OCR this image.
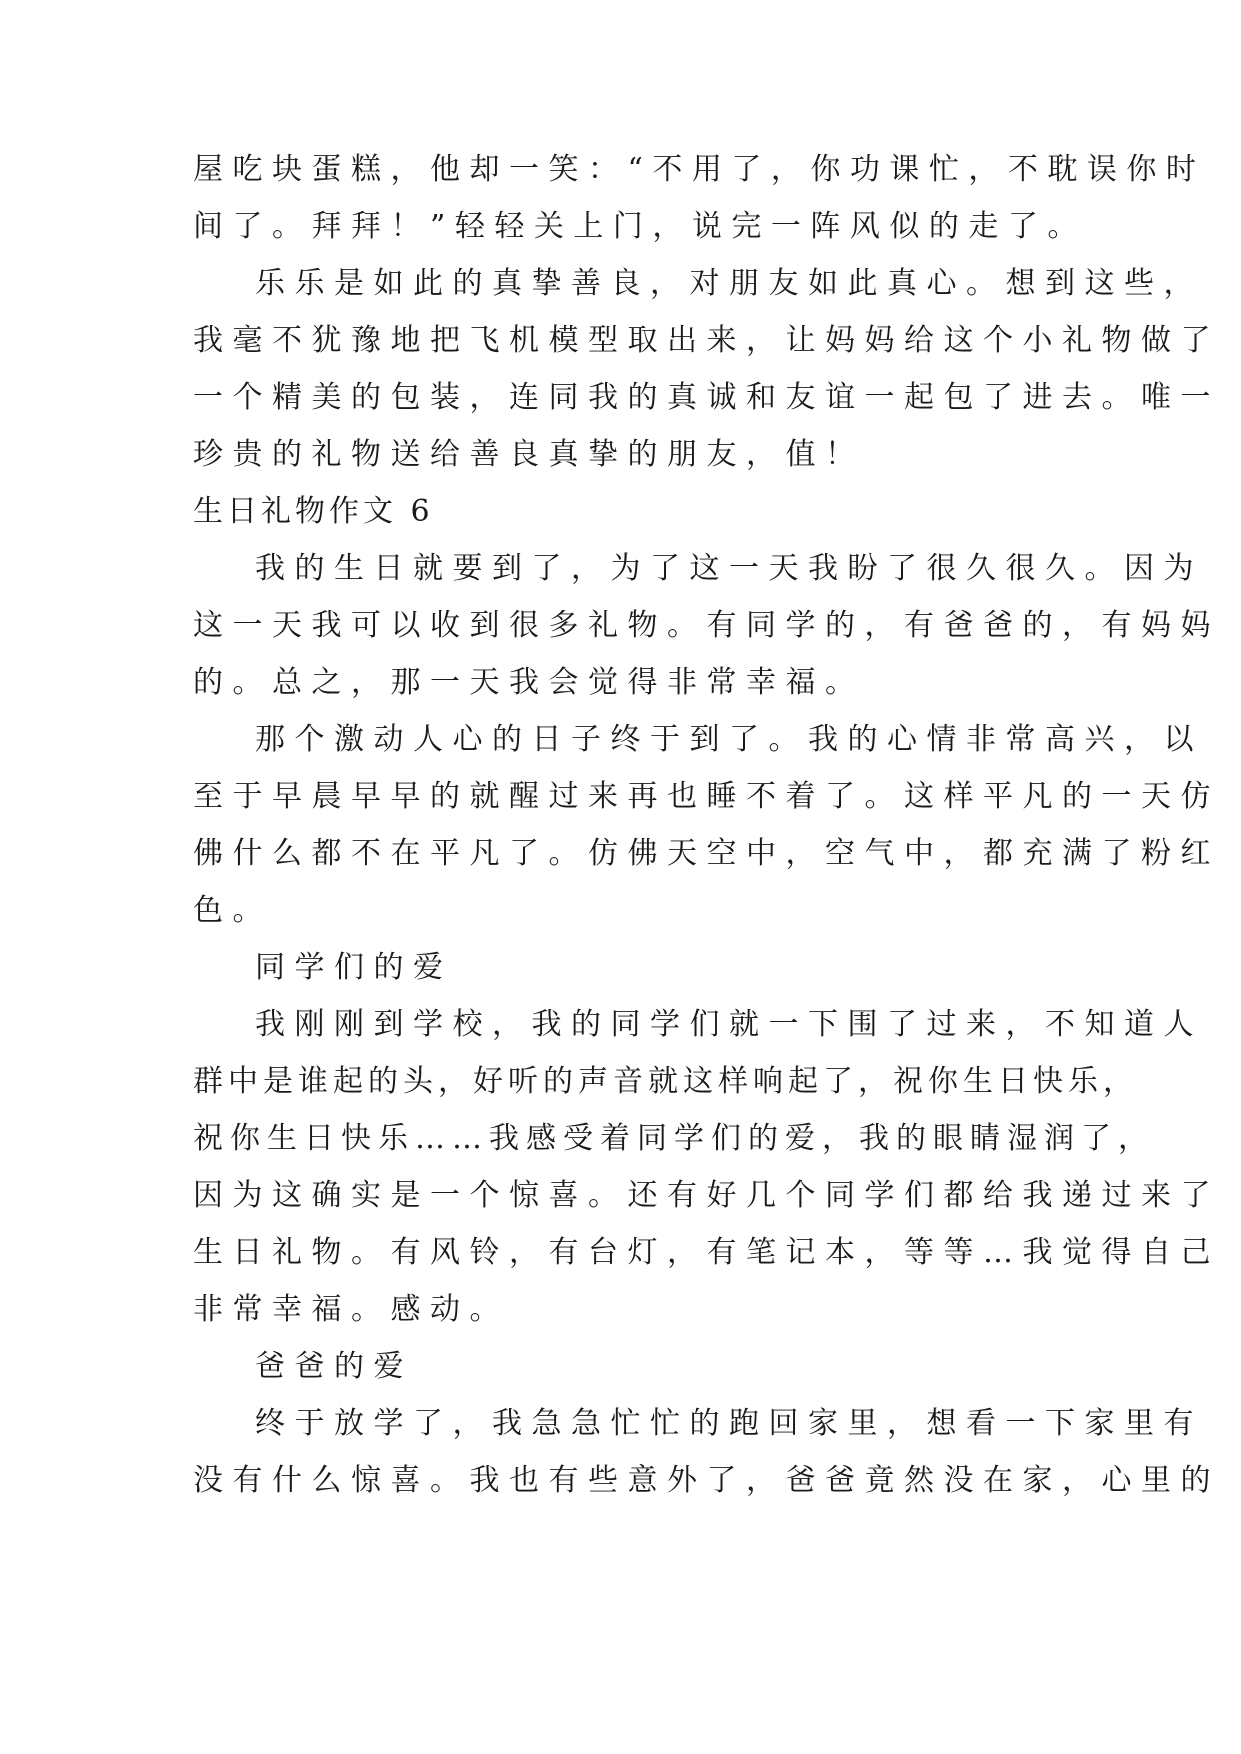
屋吃块蛋糕，他却一笑：“不用了，你功课忙，不耽误你时
间了。拜拜！”轻轻关上门，说完一阵风似的走了。
乐乐是如此的真挚善良，对朋友如此真心。想到这些，
我毫不犹豫地把飞机模型取出来，让妈妈给这个小礼物做了
一个精美的包装，连同我的真诚和友谊一起包了进去。唯一
珍贵的礼物送给善良真挚的朋友，值！
生日礼物作文 6
我的生日就要到了，为了这一天我盼了很久很久。因为
这一天我可以收到很多礼物。有同学的，有爸爸的，有妈妈
的。总之，那一天我会觉得非常幸福。
那个激动人心的日子终于到了。我的心情非常高兴，以
至于早晨早早的就醒过来再也睡不着了。这样平凡的一天仿
佛什么都不在平凡了。仿佛天空中，空气中，都充满了粉红
色。
同学们的爱
我刚刚到学校，我的同学们就一下围了过来，不知道人
群中是谁起的头，好听的声音就这样响起了，祝你生日快乐，
祝你生日快乐……我感受着同学们的爱，我的眼睛湿润了，
因为这确实是一个惊喜。还有好几个同学们都给我递过来了
生日礼物。有风铃，有台灯，有笔记本，等等…我觉得自己
非常幸福。感动。
爸爸的爱
终于放学了，我急急忙忙的跑回家里，想看一下家里有
没有什么惊喜。我也有些意外了，爸爸竟然没在家，心里的
